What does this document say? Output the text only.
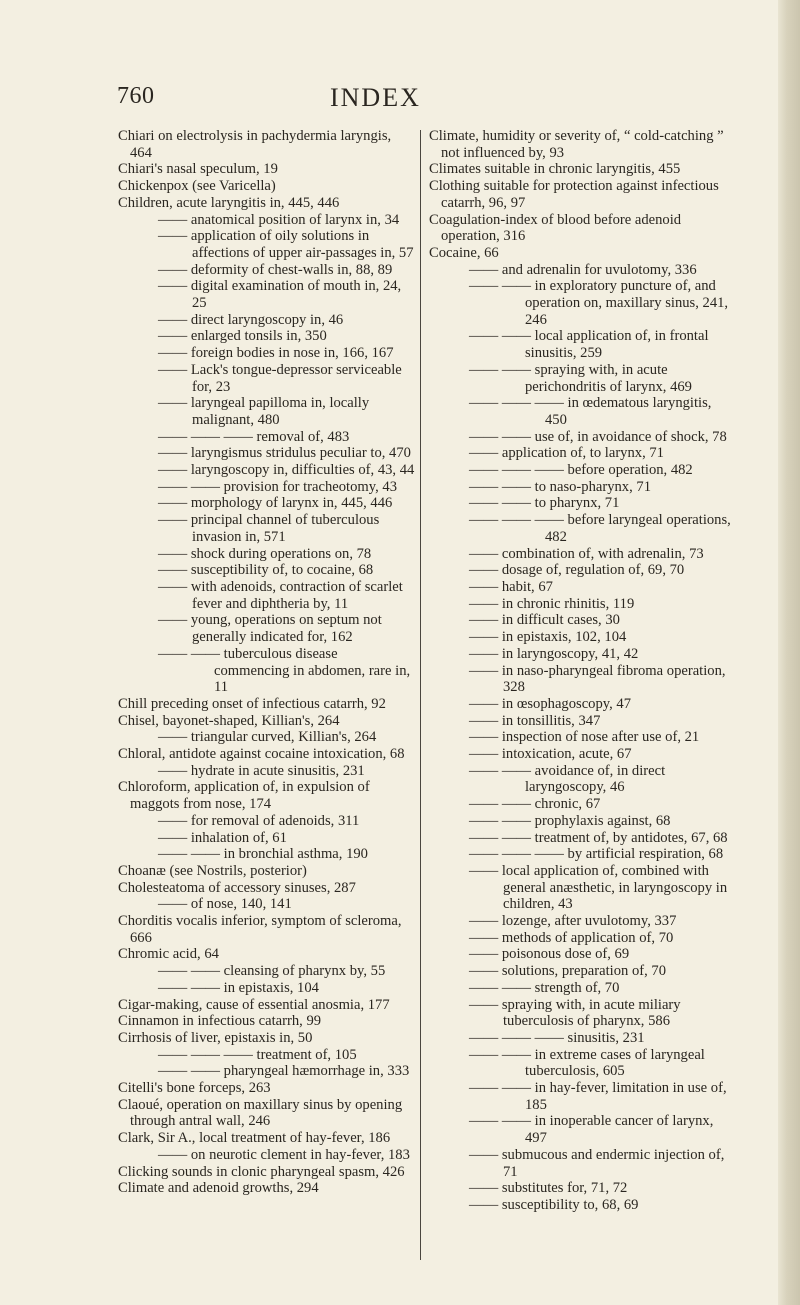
760	INDEX

Chiari on electrolysis in pachydermia laryngis, 464

Chiari's nasal speculum, 19

Chickenpox (see Varicella)

Children, acute laryngitis in, 445, 446

—— anatomical position of larynx in, 34

—— application of oily solutions in affections of upper air-passages in, 57

—— deformity of chest-walls in, 88, 89

—— digital examination of mouth in, 24, 25

—— direct laryngoscopy in, 46

—— enlarged tonsils in, 350

—— foreign bodies in nose in, 166, 167

—— Lack's tongue-depressor serviceable for, 23

—— laryngeal papilloma in, locally malignant, 480

—— —— —— removal of, 483

—— laryngismus stridulus peculiar to, 470

—— laryngoscopy in, difficulties of, 43, 44

—— —— provision for tracheotomy, 43

—— morphology of larynx in, 445, 446

—— principal channel of tuberculous invasion in, 571

—— shock during operations on, 78

—— susceptibility of, to cocaine, 68

—— with adenoids, contraction of scarlet fever and diphtheria by, 11

—— young, operations on septum not generally indicated for, 162

—— —— tuberculous disease commencing in abdomen, rare in, 11

Chill preceding onset of infectious catarrh, 92

Chisel, bayonet-shaped, Killian's, 264

—— triangular curved, Killian's, 264

Chloral, antidote against cocaine intoxication, 68

—— hydrate in acute sinusitis, 231

Chloroform, application of, in expulsion of maggots from nose, 174

—— for removal of adenoids, 311

—— inhalation of, 61

—— —— in bronchial asthma, 190

Choanæ (see Nostrils, posterior)

Cholesteatoma of accessory sinuses, 287

—— of nose, 140, 141

Chorditis vocalis inferior, symptom of scleroma, 666

Chromic acid, 64

—— —— cleansing of pharynx by, 55

—— —— in epistaxis, 104

Cigar-making, cause of essential anosmia, 177

Cinnamon in infectious catarrh, 99

Cirrhosis of liver, epistaxis in, 50

—— —— —— treatment of, 105

—— —— pharyngeal hæmorrhage in, 333

Citelli's bone forceps, 263

Claoué, operation on maxillary sinus by opening through antral wall, 246

Clark, Sir A., local treatment of hay-fever, 186

—— on neurotic clement in hay-fever, 183

Clicking sounds in clonic pharyngeal spasm, 426

Climate and adenoid growths, 294

Climate, humidity or severity of, “ cold-catching ” not influenced by, 93

Climates suitable in chronic laryngitis, 455

Clothing suitable for protection against infectious catarrh, 96, 97

Coagulation-index of blood before adenoid operation, 316

Cocaine, 66

—— and adrenalin for uvulotomy, 336

—— —— in exploratory puncture of, and operation on, maxillary sinus, 241, 246

—— —— local application of, in frontal sinusitis, 259

—— —— spraying with, in acute perichondritis of larynx, 469

—— —— —— in œdematous laryngitis, 450

—— —— use of, in avoidance of shock, 78

—— application of, to larynx, 71

—— —— —— before operation, 482

—— —— to naso-pharynx, 71

—— —— to pharynx, 71

—— —— —— before laryngeal operations, 482

—— combination of, with adrenalin, 73

—— dosage of, regulation of, 69, 70

—— habit, 67

—— in chronic rhinitis, 119

—— in difficult cases, 30

—— in epistaxis, 102, 104

—— in laryngoscopy, 41, 42

—— in naso-pharyngeal fibroma operation, 328

—— in œsophagoscopy, 47

—— in tonsillitis, 347

—— inspection of nose after use of, 21

—— intoxication, acute, 67

—— —— avoidance of, in direct laryngoscopy, 46

—— —— chronic, 67

—— —— prophylaxis against, 68

—— —— treatment of, by antidotes, 67, 68

—— —— —— by artificial respiration, 68

—— local application of, combined with general anæsthetic, in laryngoscopy in children, 43

—— lozenge, after uvulotomy, 337

—— methods of application of, 70

—— poisonous dose of, 69

—— solutions, preparation of, 70

—— —— strength of, 70

—— spraying with, in acute miliary tuberculosis of pharynx, 586

—— —— —— sinusitis, 231

—— —— in extreme cases of laryngeal tuberculosis, 605

—— —— in hay-fever, limitation in use of, 185

—— —— in inoperable cancer of larynx, 497

—— submucous and endermic injection of, 71

—— substitutes for, 71, 72

—— susceptibility to, 68, 69
